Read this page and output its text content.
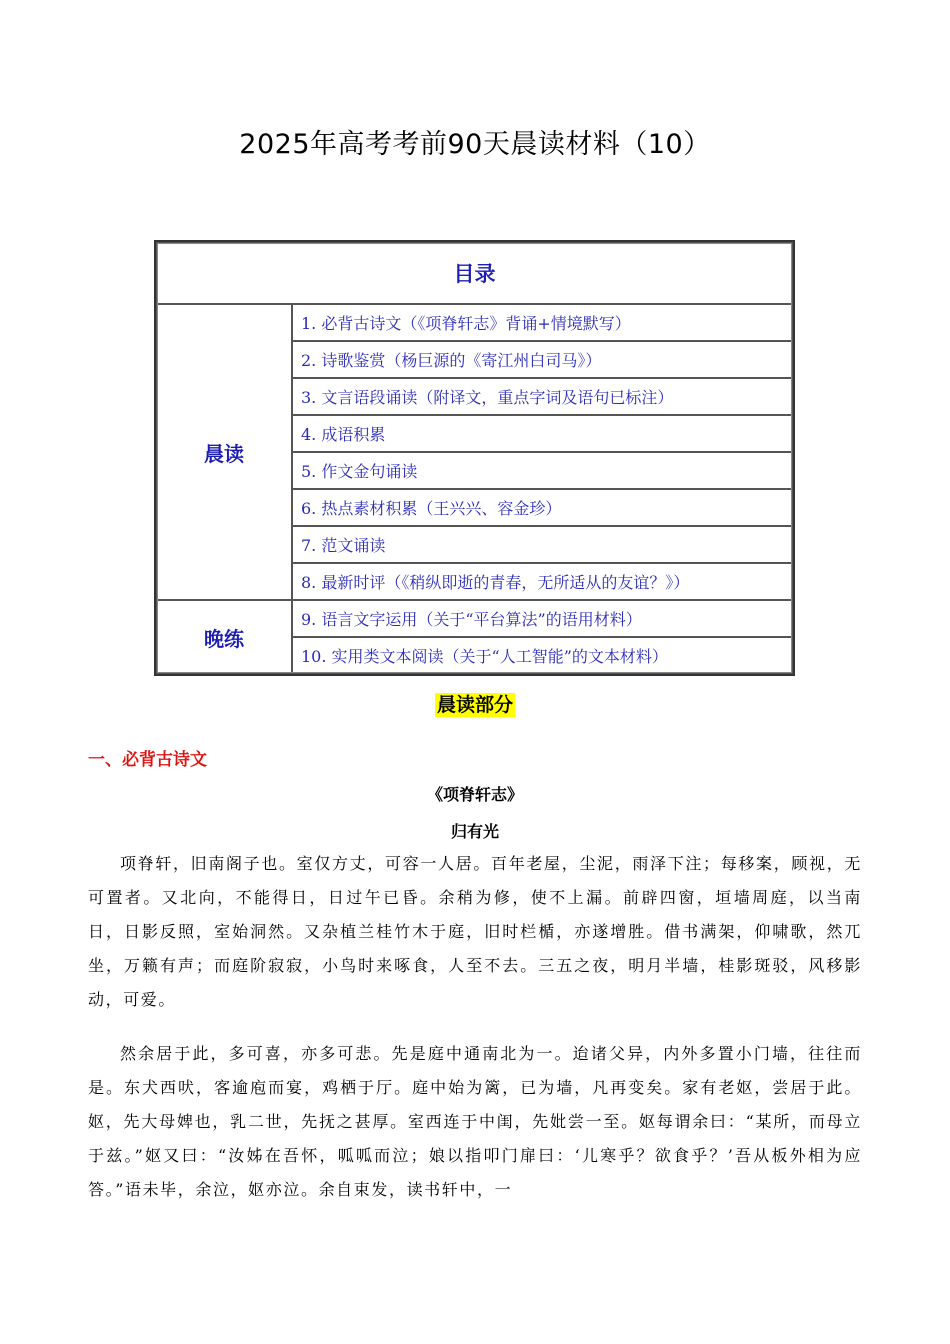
2025年高考考前90天晨读材料（10）
目录	
晨读	1. 必背古诗文（《项脊轩志》背诵+情境默写）
	2. 诗歌鉴赏（杨巨源的《寄江州白司马》）
	3. 文言语段诵读（附译文，重点字词及语句已标注）
	4. 成语积累
	5. 作文金句诵读
	6. 热点素材积累（王兴兴、容金珍）
	7. 范文诵读
	8. 最新时评（《稍纵即逝的青春，无所适从的友谊？》）
晚练	9. 语言文字运用（关于“平台算法”的语用材料）
	10. 实用类文本阅读（关于“人工智能”的文本材料）
晨读部分
一、必背古诗文
《项脊轩志》
归有光

项脊轩，旧南阁子也。室仅方丈，可容一人居。百年老屋，尘泥，雨泽下注；每移案，顾视，无可置者。又北向，不能得日，日过午已昏。余稍为修，使不上漏。前辟四窗，垣墙周庭，以当南日，日影反照，室始洞然。又杂植兰桂竹木于庭，旧时栏楯，亦遂增胜。借书满架，仰啸歌，然兀坐，万籁有声；而庭阶寂寂，小鸟时来啄食，人至不去。三五之夜，明月半墙，桂影斑驳，风移影动，可爱。

然余居于此，多可喜，亦多可悲。先是庭中通南北为一。迨诸父异，内外多置小门墙，往往而是。东犬西吠，客逾庖而宴，鸡栖于厅。庭中始为篱，已为墙，凡再变矣。家有老妪，尝居于此。妪，先大母婢也，乳二世，先抚之甚厚。室西连于中闺，先妣尝一至。妪每谓余曰：“某所，而母立于兹。”妪又曰：“汝姊在吾怀，呱呱而泣；娘以指叩门扉曰：‘儿寒乎？欲食乎？’吾从板外相为应答。”语未毕，余泣，妪亦泣。余自束发，读书轩中，一
